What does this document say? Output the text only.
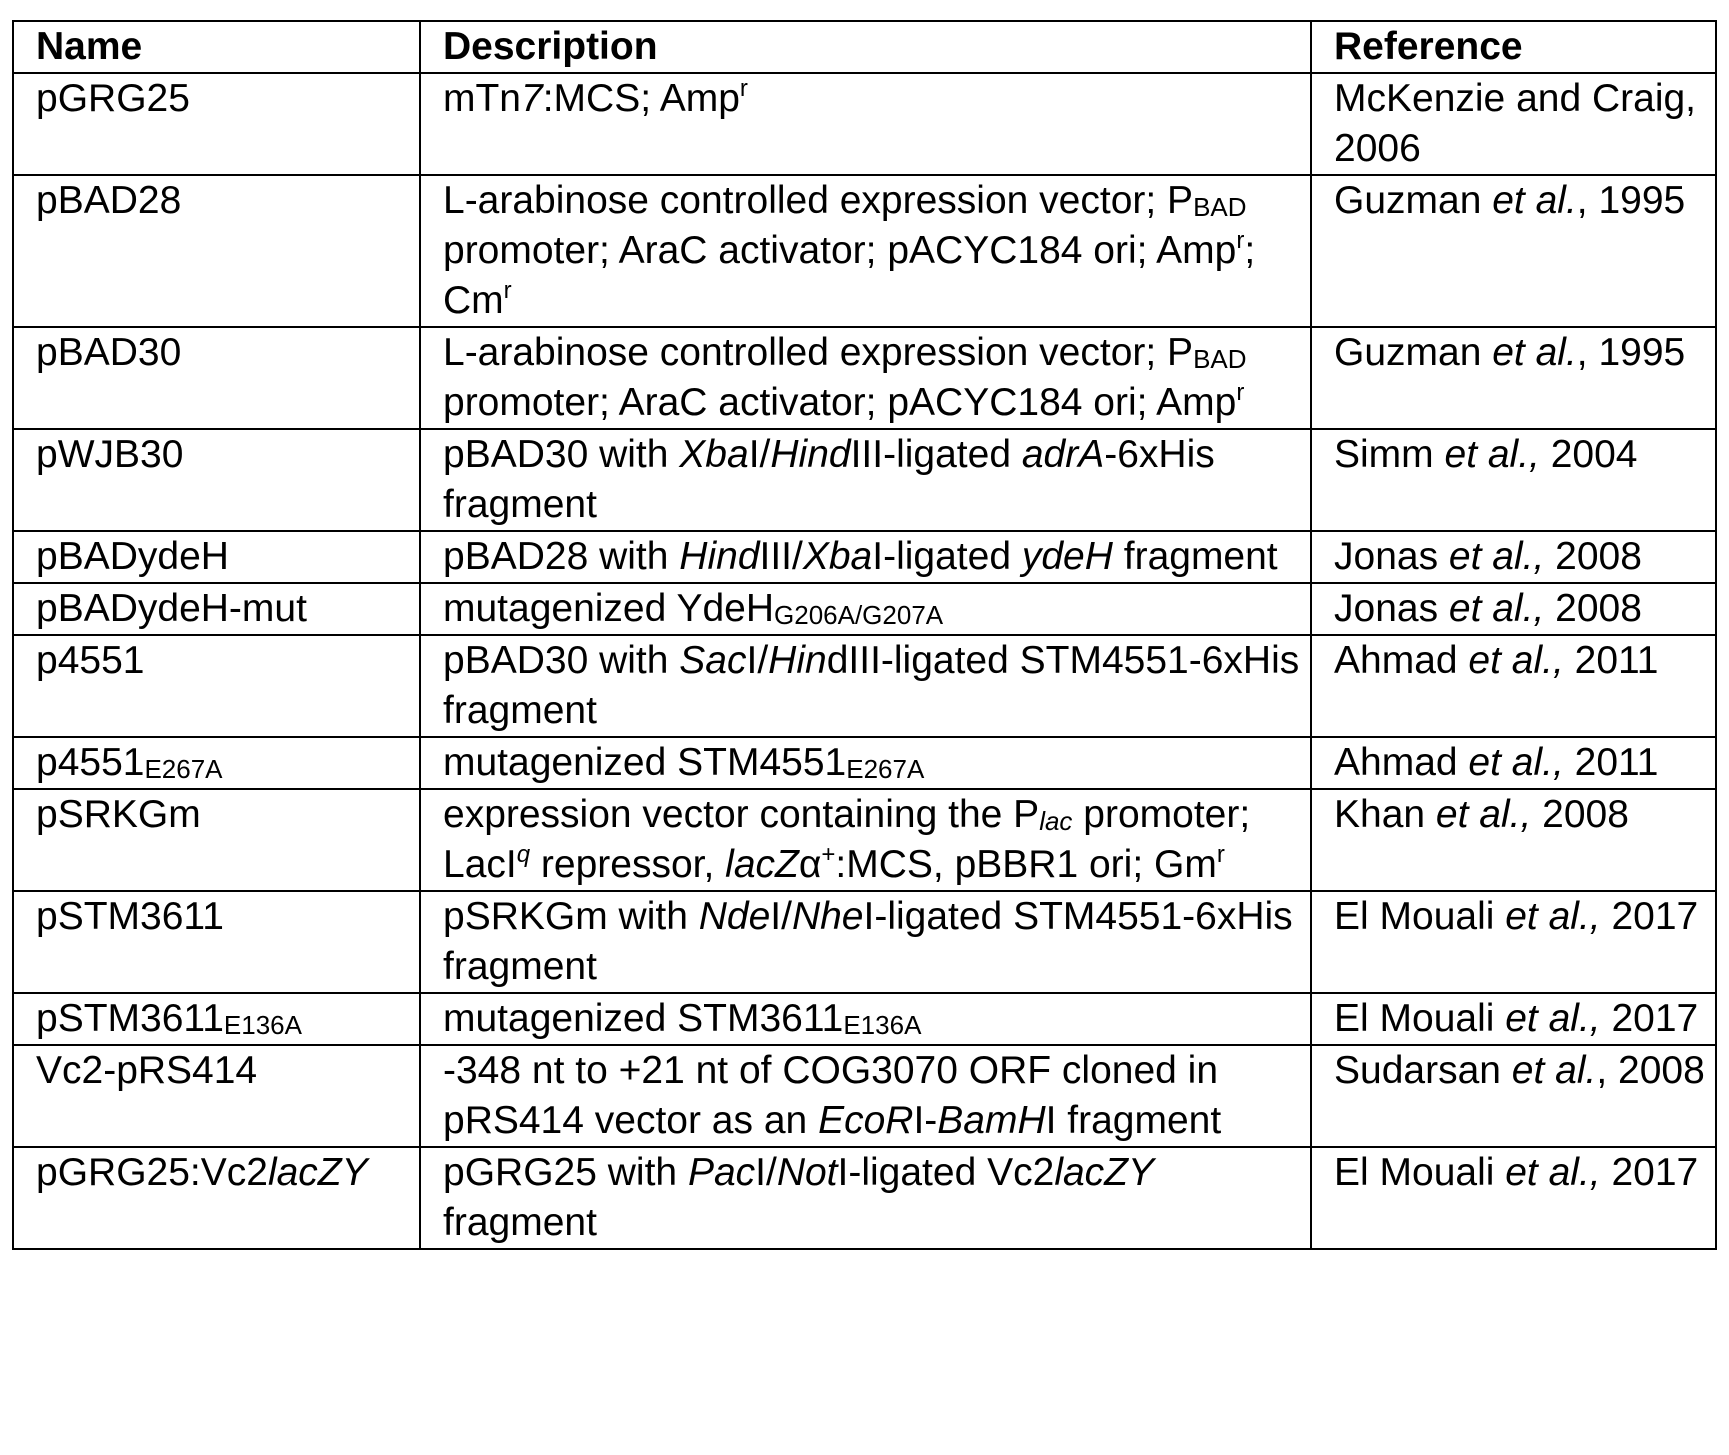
Name	Description	Reference
pGRG25	mTn7:MCS; Amp$^r$	McKenzie and Craig, 2006
pBAD28	L-arabinose controlled expression vector; PBAD promoter; AraC activator; pACYC184 ori; Amp$^r$; Cm$^r$	Guzman et al., 1995
pBAD30	L-arabinose controlled expression vector; PBAD promoter; AraC activator; pACYC184 ori; Amp$^r$	Guzman et al., 1995
pWJB30	pBAD30 with XbaI/HindIII-ligated adrA-6xHis fragment	Simm et al., 2004
pBADydeH	pBAD28 with HindIII/XbaI-ligated ydeH fragment	Jonas et al., 2008
pBADydeH-mut	mutagenized YdeHG206A/G207A	Jonas et al., 2008
p4551	pBAD30 with SacI/HindIII-ligated STM4551-6xHis fragment	Ahmad et al., 2011
p4551E267A	mutagenized STM4551E267A	Ahmad et al., 2011
pSRKGm	expression vector containing the Plac promoter; LacI$^q$ repressor, lacZα+:MCS, pBBR1 ori; Gm$^r$	Khan et al., 2008
pSTM3611	pSRKGm with NdeI/NheI-ligated STM4551-6xHis fragment	El Mouali et al., 2017
pSTM3611E136A	mutagenized STM3611E136A	El Mouali et al., 2017
Vc2-pRS414	-348 nt to +21 nt of COG3070 ORF cloned in pRS414 vector as an EcoRI-BamHI fragment	Sudarsan et al., 2008
pGRG25:Vc2lacZY	pGRG25 with PacI/NotI-ligated Vc2lacZY fragment	El Mouali et al., 2017
